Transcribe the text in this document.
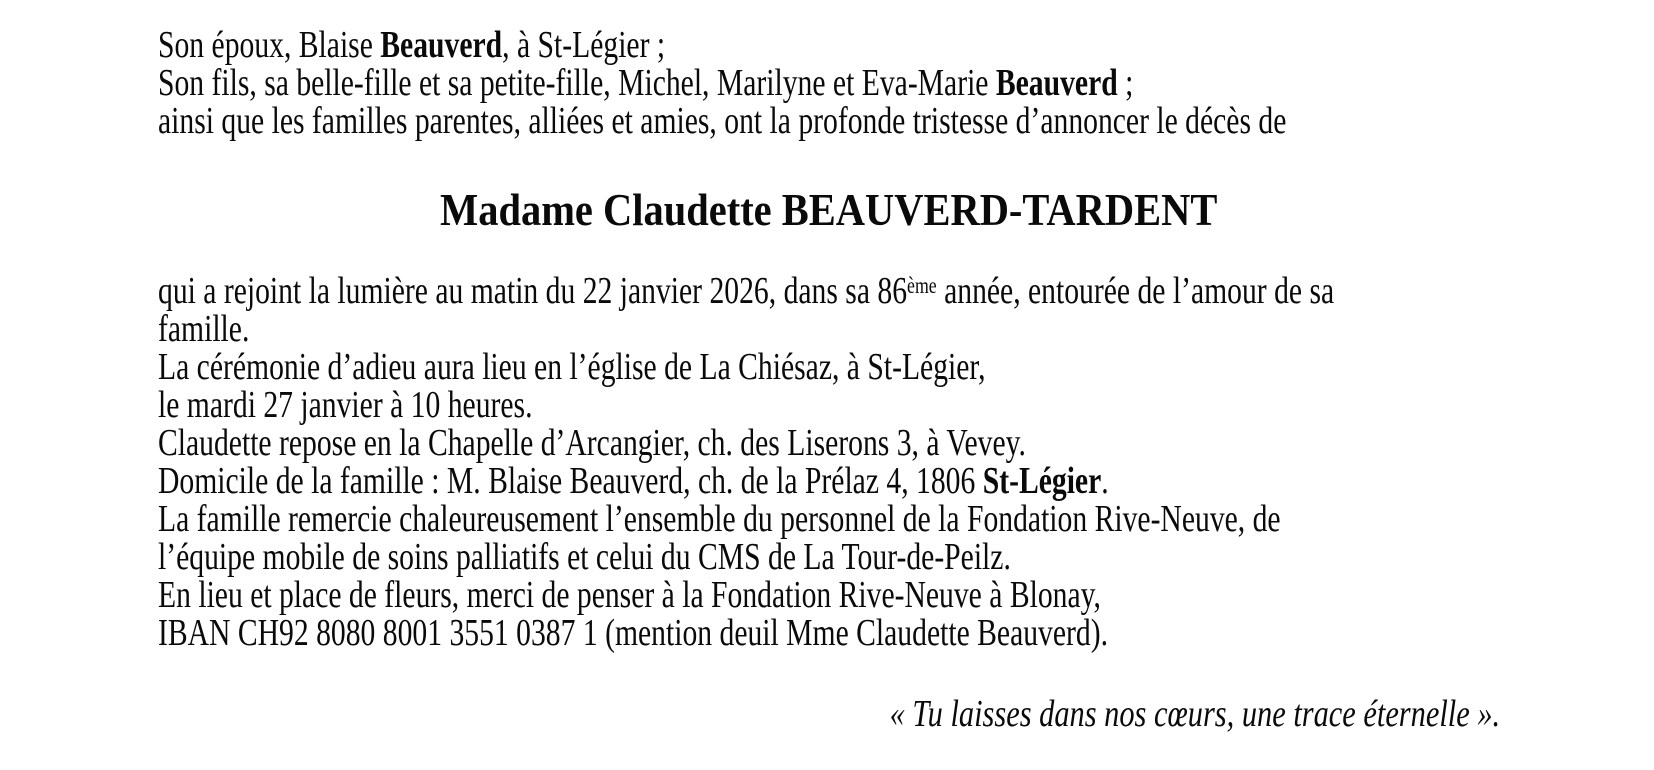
Son époux, Blaise Beauverd, à St-Légier ;
Son fils, sa belle-fille et sa petite-fille, Michel, Marilyne et Eva-Marie Beauverd ;
ainsi que les familles parentes, alliées et amies, ont la profonde tristesse d’annoncer le décès de
Madame Claudette BEAUVERD-TARDENT
qui a rejoint la lumière au matin du 22 janvier 2026, dans sa 86ème année, entourée de l’amour de sa
famille.
La cérémonie d’adieu aura lieu en l’église de La Chiésaz, à St-Légier,
le mardi 27 janvier à 10 heures.
Claudette repose en la Chapelle d’Arcangier, ch. des Liserons 3, à Vevey.
Domicile de la famille : M. Blaise Beauverd, ch. de la Prélaz 4, 1806 St-Légier.
La famille remercie chaleureusement l’ensemble du personnel de la Fondation Rive-Neuve, de
l’équipe mobile de soins palliatifs et celui du CMS de La Tour-de-Peilz.
En lieu et place de fleurs, merci de penser à la Fondation Rive-Neuve à Blonay,
IBAN CH92 8080 8001 3551 0387 1 (mention deuil Mme Claudette Beauverd).
« Tu laisses dans nos cœurs, une trace éternelle ».
